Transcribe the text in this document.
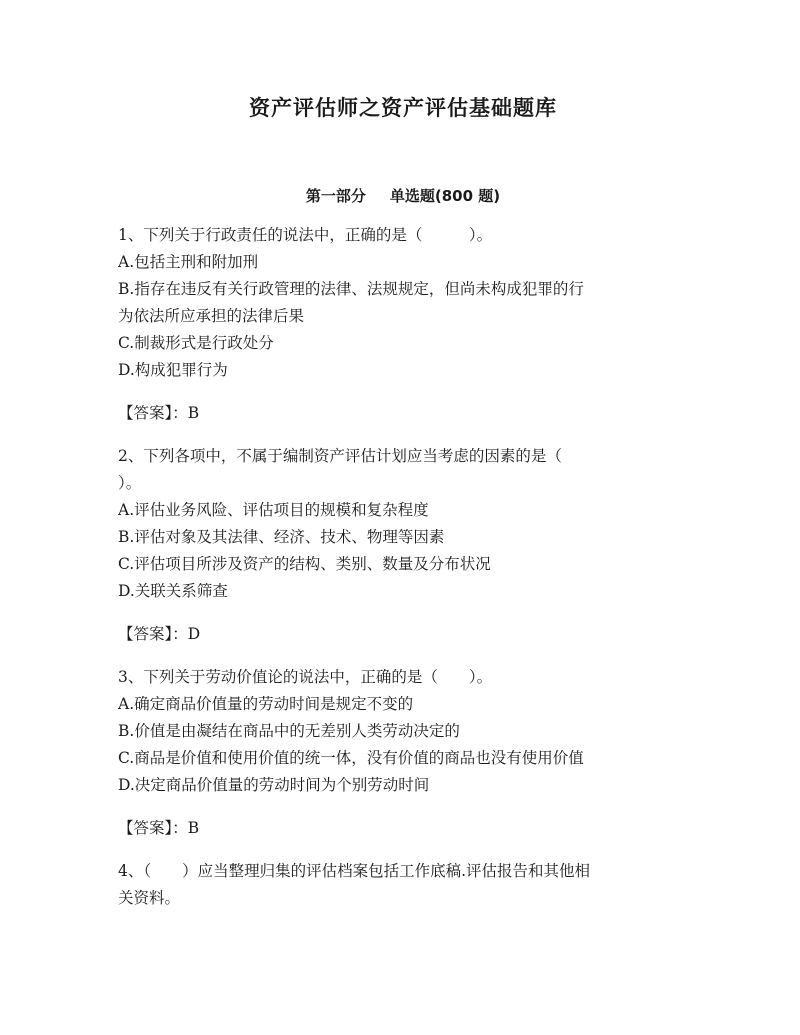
资产评估师之资产评估基础题库
第一部分 单选题(800 题)
1、下列关于行政责任的说法中，正确的是（　　　）。
A.包括主刑和附加刑
B.指存在违反有关行政管理的法律、法规规定，但尚未构成犯罪的行
为依法所应承担的法律后果
C.制裁形式是行政处分
D.构成犯罪行为
【答案】：B
2、下列各项中，不属于编制资产评估计划应当考虑的因素的是（
）。
A.评估业务风险、评估项目的规模和复杂程度
B.评估对象及其法律、经济、技术、物理等因素
C.评估项目所涉及资产的结构、类别、数量及分布状况
D.关联关系筛查
【答案】：D
3、下列关于劳动价值论的说法中，正确的是（　　）。
A.确定商品价值量的劳动时间是规定不变的
B.价值是由凝结在商品中的无差别人类劳动决定的
C.商品是价值和使用价值的统一体，没有价值的商品也没有使用价值
D.决定商品价值量的劳动时间为个别劳动时间
【答案】：B
4、（　　）应当整理归集的评估档案包括工作底稿.评估报告和其他相
关资料。
